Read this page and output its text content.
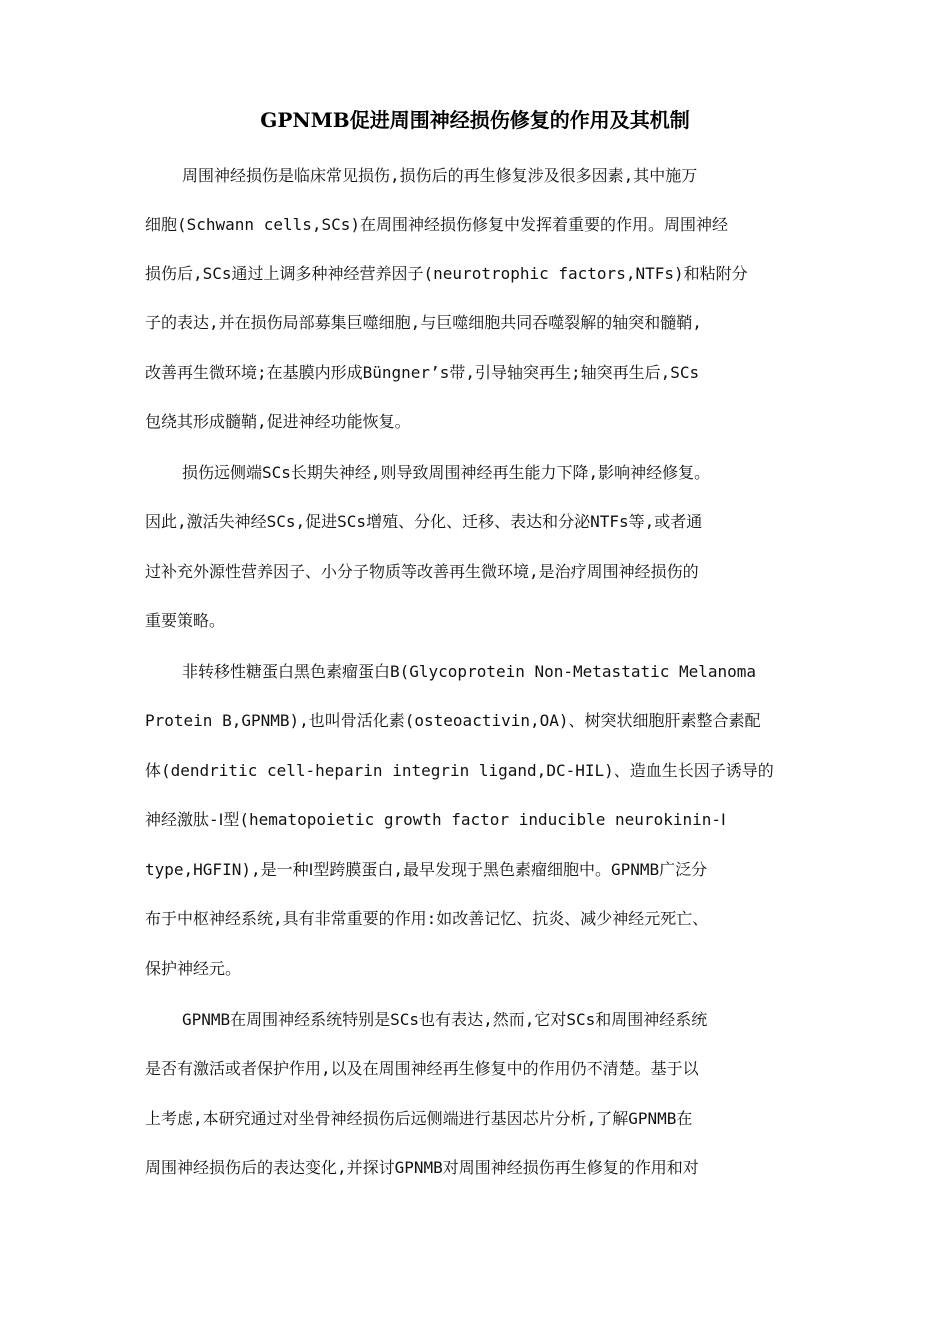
GPNMB促进周围神经损伤修复的作用及其机制
周围神经损伤是临床常见损伤,损伤后的再生修复涉及很多因素,其中施万
细胞(Schwann cells,SCs)在周围神经损伤修复中发挥着重要的作用。周围神经
损伤后,SCs通过上调多种神经营养因子(neurotrophic factors,NTFs)和粘附分
子的表达,并在损伤局部募集巨噬细胞,与巨噬细胞共同吞噬裂解的轴突和髓鞘,
改善再生微环境;在基膜内形成Büngner’s带,引导轴突再生;轴突再生后,SCs
包绕其形成髓鞘,促进神经功能恢复。
损伤远侧端SCs长期失神经,则导致周围神经再生能力下降,影响神经修复。
因此,激活失神经SCs,促进SCs增殖、分化、迁移、表达和分泌NTFs等,或者通
过补充外源性营养因子、小分子物质等改善再生微环境,是治疗周围神经损伤的
重要策略。
非转移性糖蛋白黑色素瘤蛋白B(Glycoprotein Non-Metastatic Melanoma
Protein B,GPNMB),也叫骨活化素(osteoactivin,OA)、树突状细胞肝素整合素配
体(dendritic cell-heparin integrin ligand,DC-HIL)、造血生长因子诱导的
神经激肽-Ⅰ型(hematopoietic growth factor inducible neurokinin-Ⅰ
type,HGFIN),是一种Ⅰ型跨膜蛋白,最早发现于黑色素瘤细胞中。GPNMB广泛分
布于中枢神经系统,具有非常重要的作用:如改善记忆、抗炎、减少神经元死亡、
保护神经元。
GPNMB在周围神经系统特别是SCs也有表达,然而,它对SCs和周围神经系统
是否有激活或者保护作用,以及在周围神经再生修复中的作用仍不清楚。基于以
上考虑,本研究通过对坐骨神经损伤后远侧端进行基因芯片分析,了解GPNMB在
周围神经损伤后的表达变化,并探讨GPNMB对周围神经损伤再生修复的作用和对
